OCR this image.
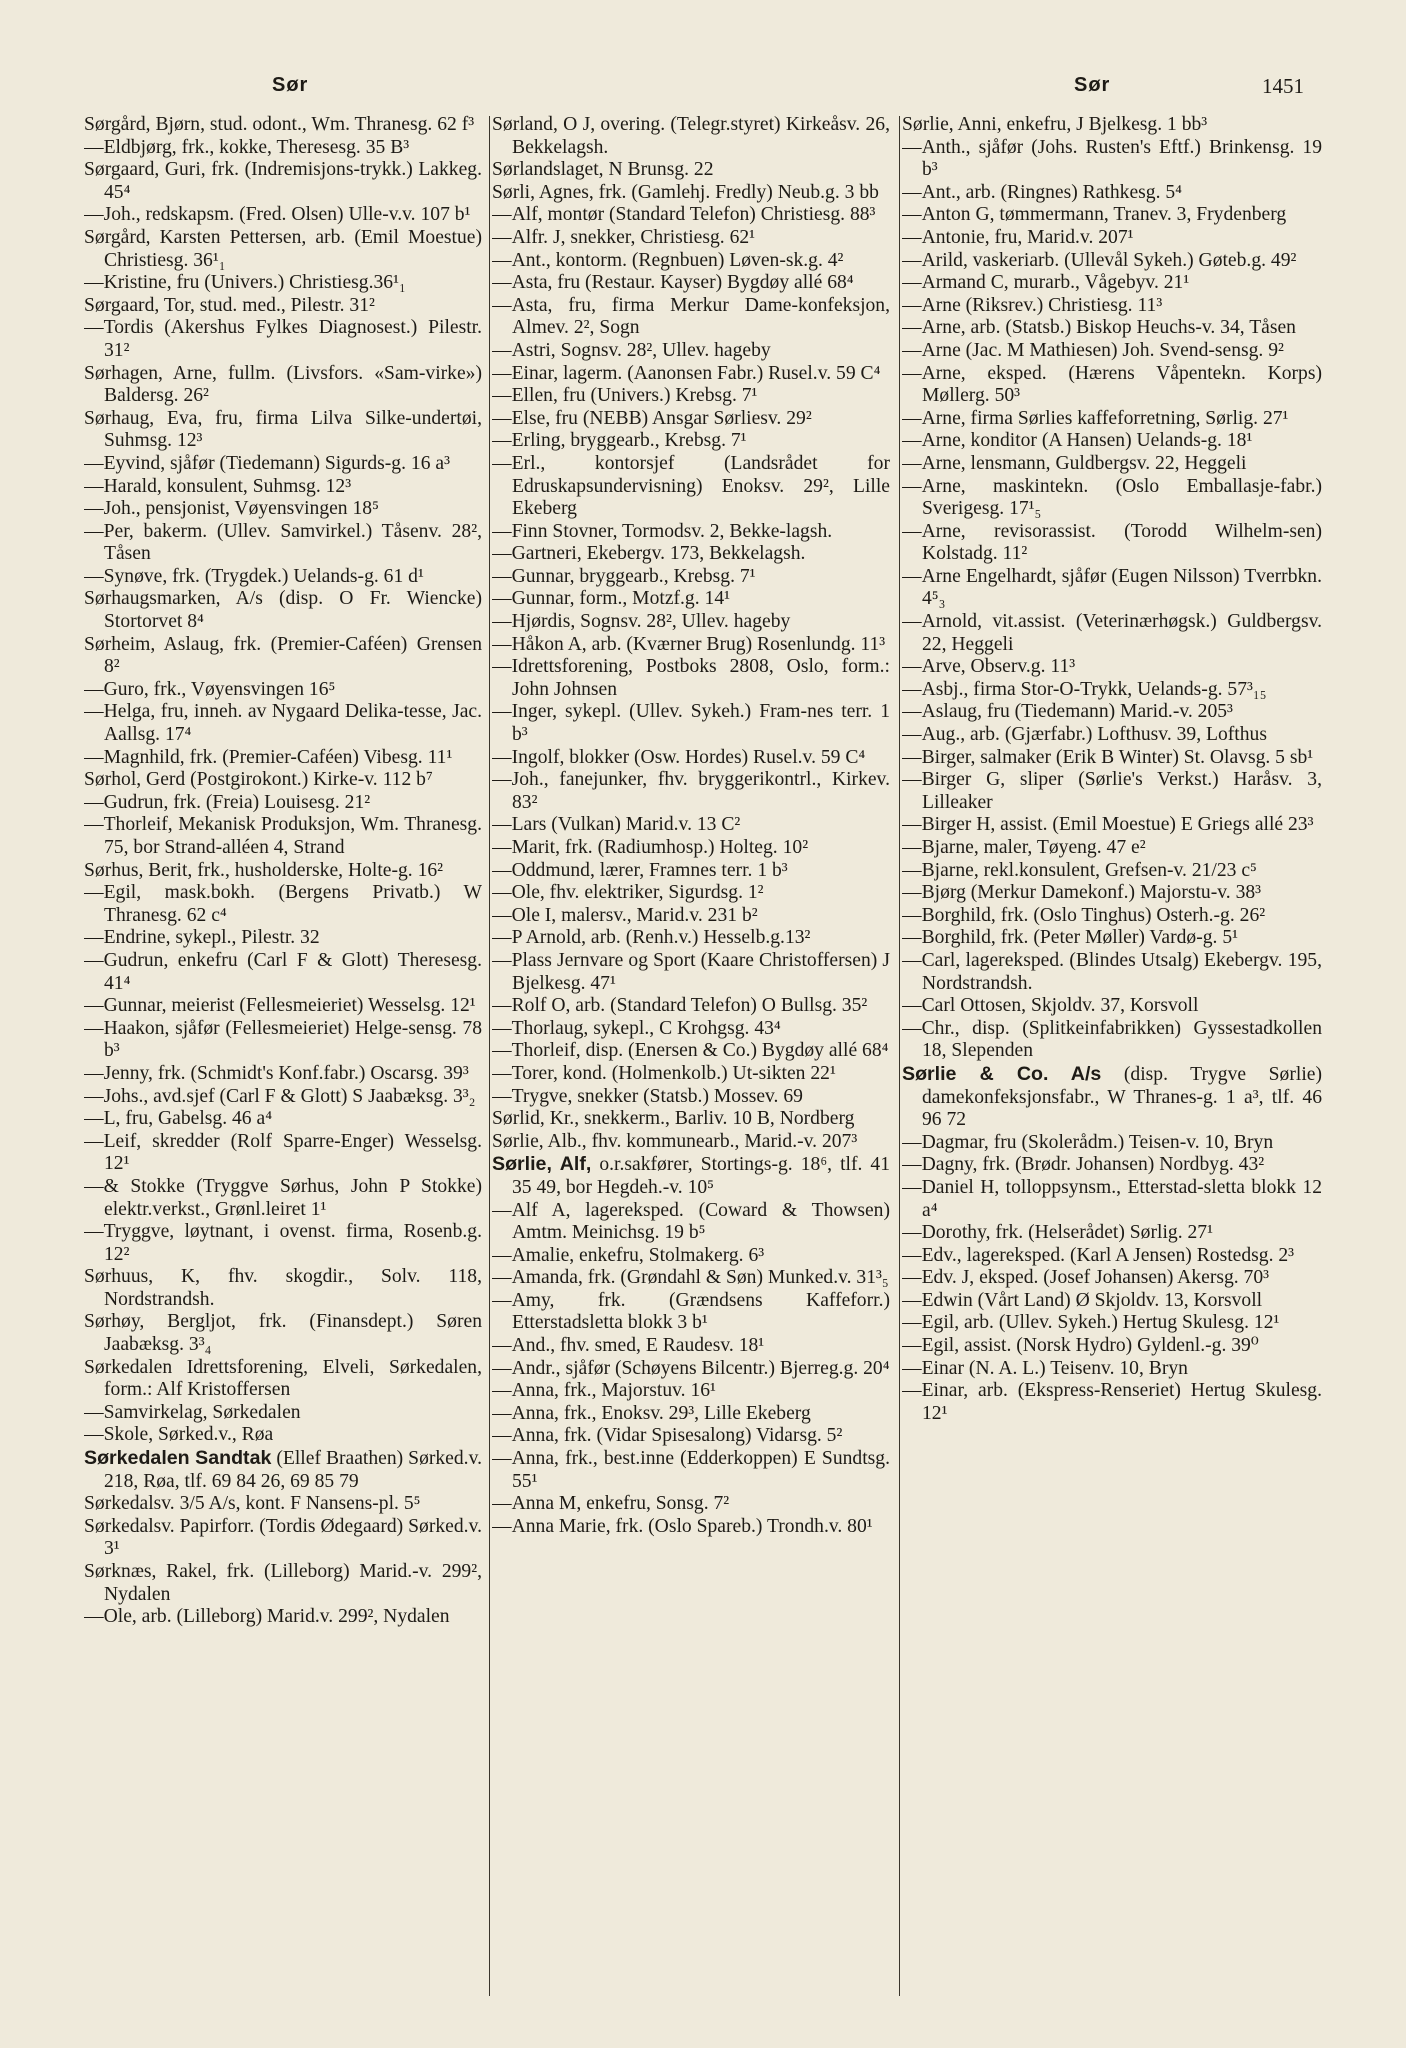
Sør	Sør	1451
Sørgård, Bjørn, stud. odont., Wm. Thranesg. 62 f³
—Eldbjørg, frk., kokke, Theresesg. 35 B³
Sørgaard, Guri, frk. (Indremisjons-trykk.) Lakkeg. 45⁴
—Joh., redskapsm. (Fred. Olsen) Ulle-v.v. 107 b¹
Sørgård, Karsten Pettersen, arb. (Emil Moestue) Christiesg. 36¹₁
—Kristine, fru (Univers.) Christiesg.36¹₁
Sørgaard, Tor, stud. med., Pilestr. 31²
—Tordis (Akershus Fylkes Diagnosest.) Pilestr. 31²
Sørhagen, Arne, fullm. (Livsfors. «Sam-virke») Baldersg. 26²
Sørhaug, Eva, fru, firma Lilva Silke-undertøi, Suhmsg. 12³
—Eyvind, sjåfør (Tiedemann) Sigurds-g. 16 a³
—Harald, konsulent, Suhmsg. 12³
—Joh., pensjonist, Vøyensvingen 18⁵
—Per, bakerm. (Ullev. Samvirkel.) Tåsenv. 28², Tåsen
—Synøve, frk. (Trygdek.) Uelands-g. 61 d¹
Sørhaugsmarken, A/s (disp. O Fr. Wiencke) Stortorvet 8⁴
Sørheim, Aslaug, frk. (Premier-Caféen) Grensen 8²
—Guro, frk., Vøyensvingen 16⁵
—Helga, fru, inneh. av Nygaard Delika-tesse, Jac. Aallsg. 17⁴
—Magnhild, frk. (Premier-Caféen) Vibesg. 11¹
Sørhol, Gerd (Postgirokont.) Kirke-v. 112 b⁷
—Gudrun, frk. (Freia) Louisesg. 21²
—Thorleif, Mekanisk Produksjon, Wm. Thranesg. 75, bor Strand-alléen 4, Strand
Sørhus, Berit, frk., husholderske, Holte-g. 16²
—Egil, mask.bokh. (Bergens Privatb.) W Thranesg. 62 c⁴
—Endrine, sykepl., Pilestr. 32
—Gudrun, enkefru (Carl F & Glott) Theresesg. 41⁴
—Gunnar, meierist (Fellesmeieriet) Wesselsg. 12¹
—Haakon, sjåfør (Fellesmeieriet) Helge-sensg. 78 b³
—Jenny, frk. (Schmidt's Konf.fabr.) Oscarsg. 39³
—Johs., avd.sjef (Carl F & Glott) S Jaabæksg. 3³₂
—L, fru, Gabelsg. 46 a⁴
—Leif, skredder (Rolf Sparre-Enger) Wesselsg. 12¹
—& Stokke (Tryggve Sørhus, John P Stokke) elektr.verkst., Grønl.leiret 1¹
—Tryggve, løytnant, i ovenst. firma, Rosenb.g. 12²
Sørhuus, K, fhv. skogdir., Solv. 118, Nordstrandsh.
Sørhøy, Bergljot, frk. (Finansdept.) Søren Jaabæksg. 3³₄
Sørkedalen Idrettsforening, Elveli, Sørkedalen, form.: Alf Kristoffersen
—Samvirkelag, Sørkedalen
—Skole, Sørked.v., Røa
Sørkedalen Sandtak (Ellef Braathen) Sørked.v. 218, Røa, tlf. 69 84 26, 69 85 79
Sørkedalsv. 3/5 A/s, kont. F Nansens-pl. 5⁵
Sørkedalsv. Papirforr. (Tordis Ødegaard) Sørked.v. 3¹
Sørknæs, Rakel, frk. (Lilleborg) Marid.-v. 299², Nydalen
—Ole, arb. (Lilleborg) Marid.v. 299², Nydalen
Sørland, O J, overing. (Telegr.styret) Kirkeåsv. 26, Bekkelagsh.
Sørlandslaget, N Brunsg. 22
Sørli, Agnes, frk. (Gamlehj. Fredly) Neub.g. 3 bb
—Alf, montør (Standard Telefon) Christiesg. 88³
—Alfr. J, snekker, Christiesg. 62¹
—Ant., kontorm. (Regnbuen) Løven-sk.g. 4²
—Asta, fru (Restaur. Kayser) Bygdøy allé 68⁴
—Asta, fru, firma Merkur Dame-konfeksjon, Almev. 2², Sogn
—Astri, Sognsv. 28², Ullev. hageby
—Einar, lagerm. (Aanonsen Fabr.) Rusel.v. 59 C⁴
—Ellen, fru (Univers.) Krebsg. 7¹
—Else, fru (NEBB) Ansgar Sørliesv. 29²
—Erling, bryggearb., Krebsg. 7¹
—Erl., kontorsjef (Landsrådet for Edruskapsundervisning) Enoksv. 29², Lille Ekeberg
—Finn Stovner, Tormodsv. 2, Bekke-lagsh.
—Gartneri, Ekebergv. 173, Bekkelagsh.
—Gunnar, bryggearb., Krebsg. 7¹
—Gunnar, form., Motzf.g. 14¹
—Hjørdis, Sognsv. 28², Ullev. hageby
—Håkon A, arb. (Kværner Brug) Rosenlundg. 11³
—Idrettsforening, Postboks 2808, Oslo, form.: John Johnsen
—Inger, sykepl. (Ullev. Sykeh.) Fram-nes terr. 1 b³
—Ingolf, blokker (Osw. Hordes) Rusel.v. 59 C⁴
—Joh., fanejunker, fhv. bryggerikontrl., Kirkev. 83²
—Lars (Vulkan) Marid.v. 13 C²
—Marit, frk. (Radiumhosp.) Holteg. 10²
—Oddmund, lærer, Framnes terr. 1 b³
—Ole, fhv. elektriker, Sigurdsg. 1²
—Ole I, malersv., Marid.v. 231 b²
—P Arnold, arb. (Renh.v.) Hesselb.g.13²
—Plass Jernvare og Sport (Kaare Christoffersen) J Bjelkesg. 47¹
—Rolf O, arb. (Standard Telefon) O Bullsg. 35²
—Thorlaug, sykepl., C Krohgsg. 43⁴
—Thorleif, disp. (Enersen & Co.) Bygdøy allé 68⁴
—Torer, kond. (Holmenkolb.) Ut-sikten 22¹
—Trygve, snekker (Statsb.) Mossev. 69
Sørlid, Kr., snekkerm., Barliv. 10 B, Nordberg
Sørlie, Alb., fhv. kommunearb., Marid.-v. 207³
Sørlie, Alf, o.r.sakfører, Stortings-g. 18⁶, tlf. 41 35 49, bor Hegdeh.-v. 10⁵
—Alf A, lagereksped. (Coward & Thowsen) Amtm. Meinichsg. 19 b⁵
—Amalie, enkefru, Stolmakerg. 6³
—Amanda, frk. (Grøndahl & Søn) Munked.v. 31³₅
—Amy, frk. (Grændsens Kaffeforr.) Etterstadsletta blokk 3 b¹
—And., fhv. smed, E Raudesv. 18¹
—Andr., sjåfør (Schøyens Bilcentr.) Bjerreg.g. 20⁴
—Anna, frk., Majorstuv. 16¹
—Anna, frk., Enoksv. 29³, Lille Ekeberg
—Anna, frk. (Vidar Spisesalong) Vidarsg. 5²
—Anna, frk., best.inne (Edderkoppen) E Sundtsg. 55¹
—Anna M, enkefru, Sonsg. 7²
—Anna Marie, frk. (Oslo Spareb.) Trondh.v. 80¹
Sørlie, Anni, enkefru, J Bjelkesg. 1 bb³
—Anth., sjåfør (Johs. Rusten's Eftf.) Brinkensg. 19 b³
—Ant., arb. (Ringnes) Rathkesg. 5⁴
—Anton G, tømmermann, Tranev. 3, Frydenberg
—Antonie, fru, Marid.v. 207¹
—Arild, vaskeriarb. (Ullevål Sykeh.) Gøteb.g. 49²
—Armand C, murarb., Vågebyv. 21¹
—Arne (Riksrev.) Christiesg. 11³
—Arne, arb. (Statsb.) Biskop Heuchs-v. 34, Tåsen
—Arne (Jac. M Mathiesen) Joh. Svend-sensg. 9²
—Arne, eksped. (Hærens Våpentekn. Korps) Møllerg. 50³
—Arne, firma Sørlies kaffeforretning, Sørlig. 27¹
—Arne, konditor (A Hansen) Uelands-g. 18¹
—Arne, lensmann, Guldbergsv. 22, Heggeli
—Arne, maskintekn. (Oslo Emballasje-fabr.) Sverigesg. 17¹₅
—Arne, revisorassist. (Torodd Wilhelm-sen) Kolstadg. 11²
—Arne Engelhardt, sjåfør (Eugen Nilsson) Tverrbkn. 4⁵₃
—Arnold, vit.assist. (Veterinærhøgsk.) Guldbergsv. 22, Heggeli
—Arve, Observ.g. 11³
—Asbj., firma Stor-O-Trykk, Uelands-g. 57³₁₅
—Aslaug, fru (Tiedemann) Marid.-v. 205³
—Aug., arb. (Gjærfabr.) Lofthusv. 39, Lofthus
—Birger, salmaker (Erik B Winter) St. Olavsg. 5 sb¹
—Birger G, sliper (Sørlie's Verkst.) Haråsv. 3, Lilleaker
—Birger H, assist. (Emil Moestue) E Griegs allé 23³
—Bjarne, maler, Tøyeng. 47 e²
—Bjarne, rekl.konsulent, Grefsen-v. 21/23 c⁵
—Bjørg (Merkur Damekonf.) Majorstu-v. 38³
—Borghild, frk. (Oslo Tinghus) Osterh.-g. 26²
—Borghild, frk. (Peter Møller) Vardø-g. 5¹
—Carl, lagereksped. (Blindes Utsalg) Ekebergv. 195, Nordstrandsh.
—Carl Ottosen, Skjoldv. 37, Korsvoll
—Chr., disp. (Splitkeinfabrikken) Gyssestadkollen 18, Slependen
Sørlie & Co. A/s (disp. Trygve Sørlie) damekonfeksjonsfabr., W Thranes-g. 1 a³, tlf. 46 96 72
—Dagmar, fru (Skolerådm.) Teisen-v. 10, Bryn
—Dagny, frk. (Brødr. Johansen) Nordbyg. 43²
—Daniel H, tolloppsynsm., Etterstad-sletta blokk 12 a⁴
—Dorothy, frk. (Helserådet) Sørlig. 27¹
—Edv., lagereksped. (Karl A Jensen) Rostedsg. 2³
—Edv. J, eksped. (Josef Johansen) Akersg. 70³
—Edwin (Vårt Land) Ø Skjoldv. 13, Korsvoll
—Egil, arb. (Ullev. Sykeh.) Hertug Skulesg. 12¹
—Egil, assist. (Norsk Hydro) Gyldenl.-g. 39⁰
—Einar (N. A. L.) Teisenv. 10, Bryn
—Einar, arb. (Ekspress-Renseriet) Hertug Skulesg. 12¹
